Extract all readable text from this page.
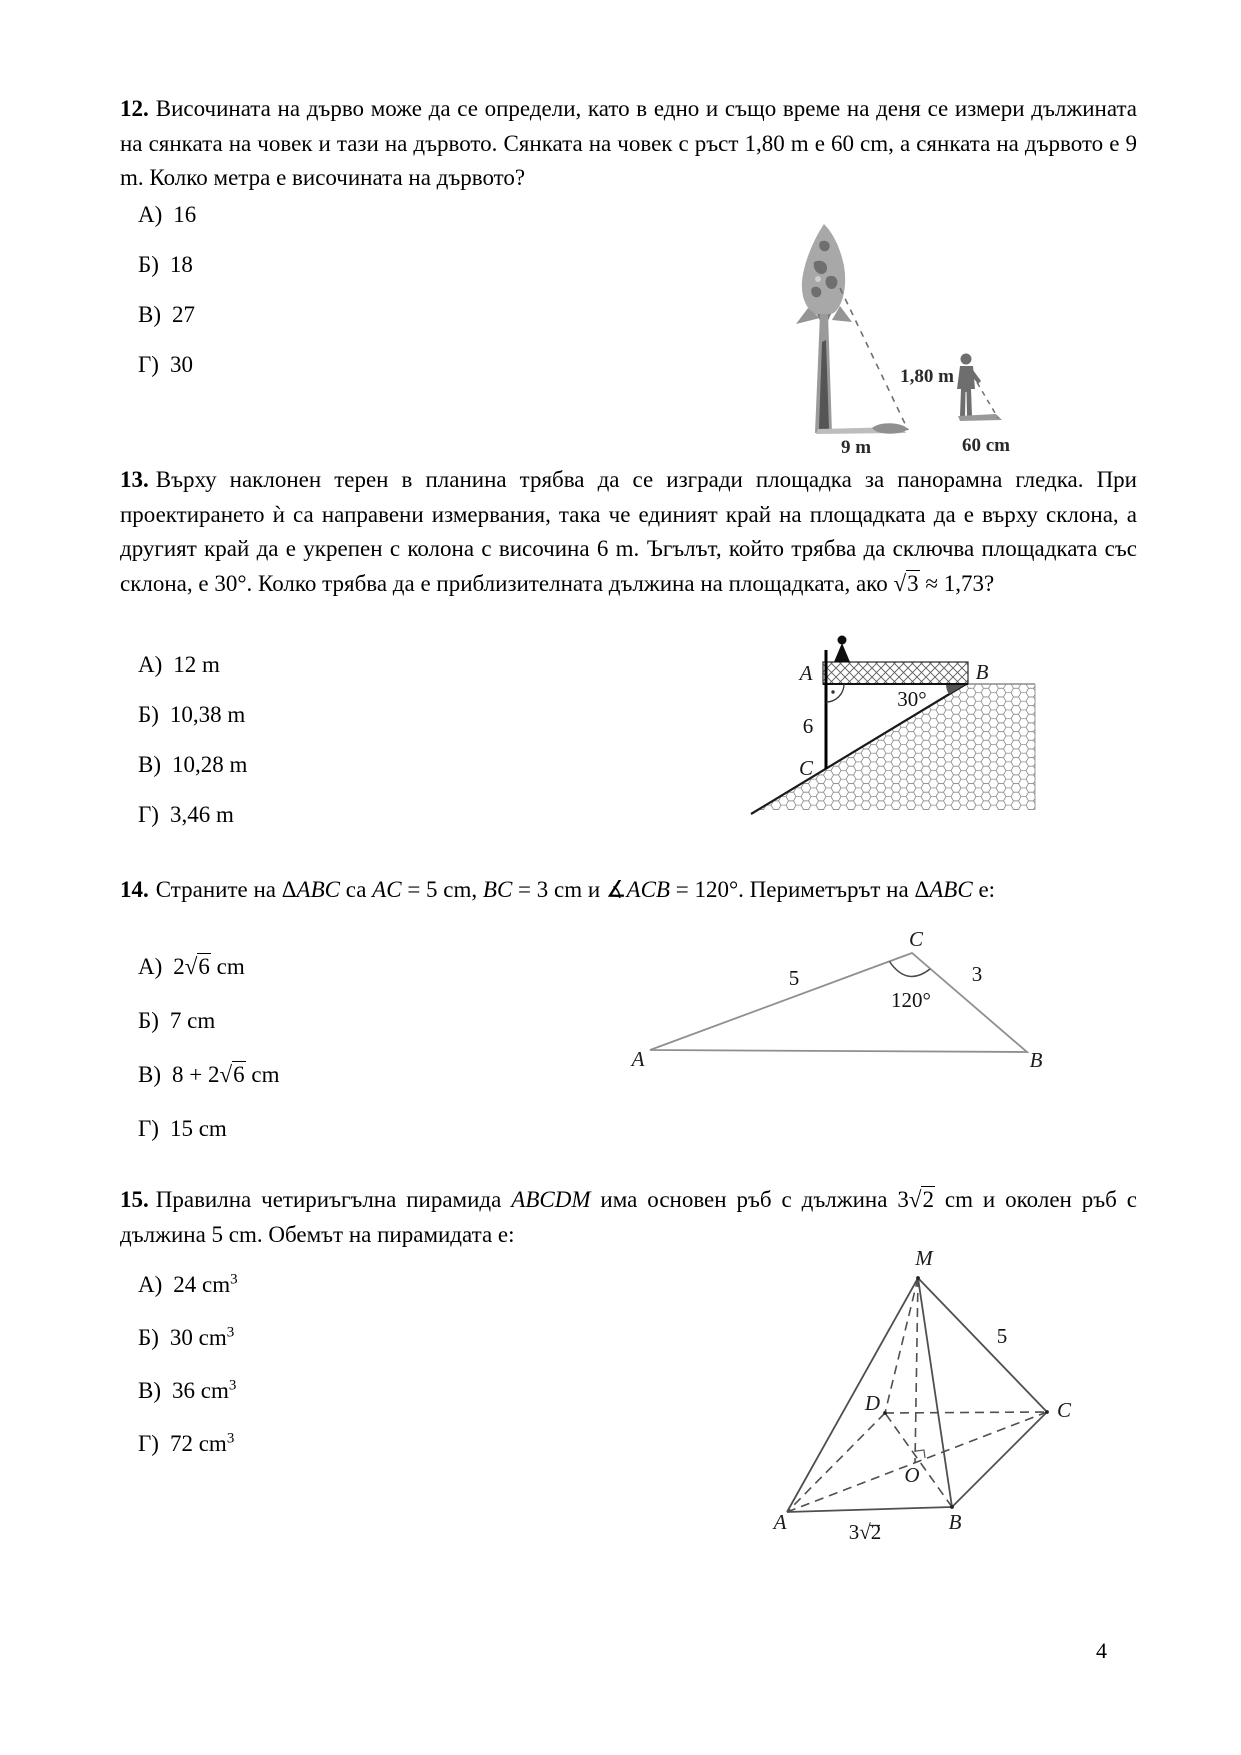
12. Височината на дърво може да се определи, като в едно и също време на деня се измери дължината на сянката на човек и тази на дървото. Сянката на човек с ръст 1,80 m е 60 cm, а сянката на дървото е 9 m. Колко метра е височината на дървото?

А) 16
Б) 18
В) 27
Г) 30	1,80 m
9 m	60 cm

13. Върху наклонен терен в планина трябва да се изгради площадка за панорамна гледка. При проектирането ѝ са направени измервания, така че единият край на площадката да е върху склона, а другият край да е укрепен с колона с височина 6 m. Ъгълът, който трябва да сключва площадката със склона, е 30°. Колко трябва да е приблизителната дължина на площадката, ако √3 ≈ 1,73?

А) 12 m
Б) 10,38 m
В) 10,28 m
Г) 3,46 m
A	B
C
6
30°

14. Страните на ΔABC са AC = 5 cm, BC = 3 cm и ∡ACB = 120°. Периметърът на ΔABC е:

А) 2√6 cm
Б) 7 cm
В) 8 + 2√6 cm
Г) 15 cm
A	B
C
5	3
120°

15. Правилна четириъгълна пирамида ABCDM има основен ръб с дължина 3√2 cm и околен ръб с дължина 5 cm. Обемът на пирамидата е:

А) 24 $cm^3$
Б) 30 $cm^3$
В) 36 $cm^3$
Г) 72 $cm^3$
M
A	B
C
D
O
5
3√2
4
